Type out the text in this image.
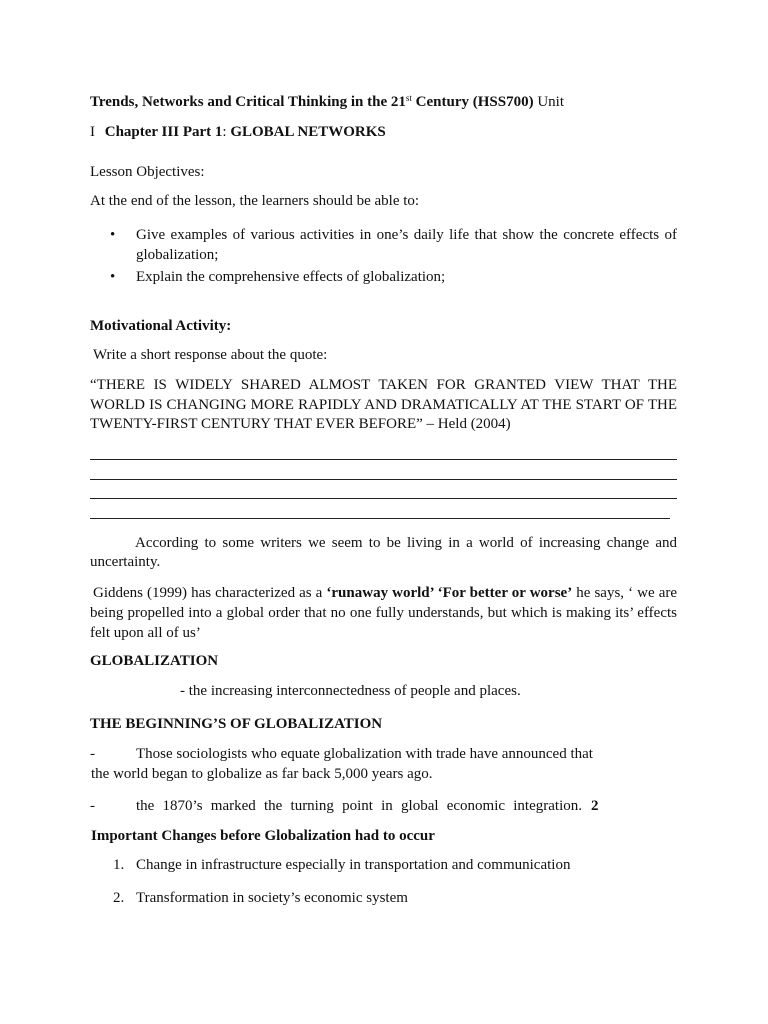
Trends, Networks and Critical Thinking in the 21st Century (HSS700) Unit
I Chapter III Part 1: GLOBAL NETWORKS
Lesson Objectives:
At the end of the lesson, the learners should be able to:
• Give examples of various activities in one’s daily life that show the concrete effects of
globalization;
• Explain the comprehensive effects of globalization;
Motivational Activity:
Write a short response about the quote:
“THERE IS WIDELY SHARED ALMOST TAKEN FOR GRANTED VIEW THAT THE
WORLD IS CHANGING MORE RAPIDLY AND DRAMATICALLY AT THE START OF THE
TWENTY-FIRST CENTURY THAT EVER BEFORE” – Held (2004)
According to some writers we seem to be living in a world of increasing change and
uncertainty.
Giddens (1999) has characterized as a ‘runaway world’ ‘For better or worse’ he says, ‘ we are
being propelled into a global order that no one fully understands, but which is making its’ effects
felt upon all of us’
GLOBALIZATION
- the increasing interconnectedness of people and places.
THE BEGINNING’S OF GLOBALIZATION
-	Those sociologists who equate globalization with trade have announced that
the world began to globalize as far back 5,000 years ago.
-	the 1870’s marked the turning point in global economic integration. 2
Important Changes before Globalization had to occur
1. Change in infrastructure especially in transportation and communication
2. Transformation in society’s economic system
